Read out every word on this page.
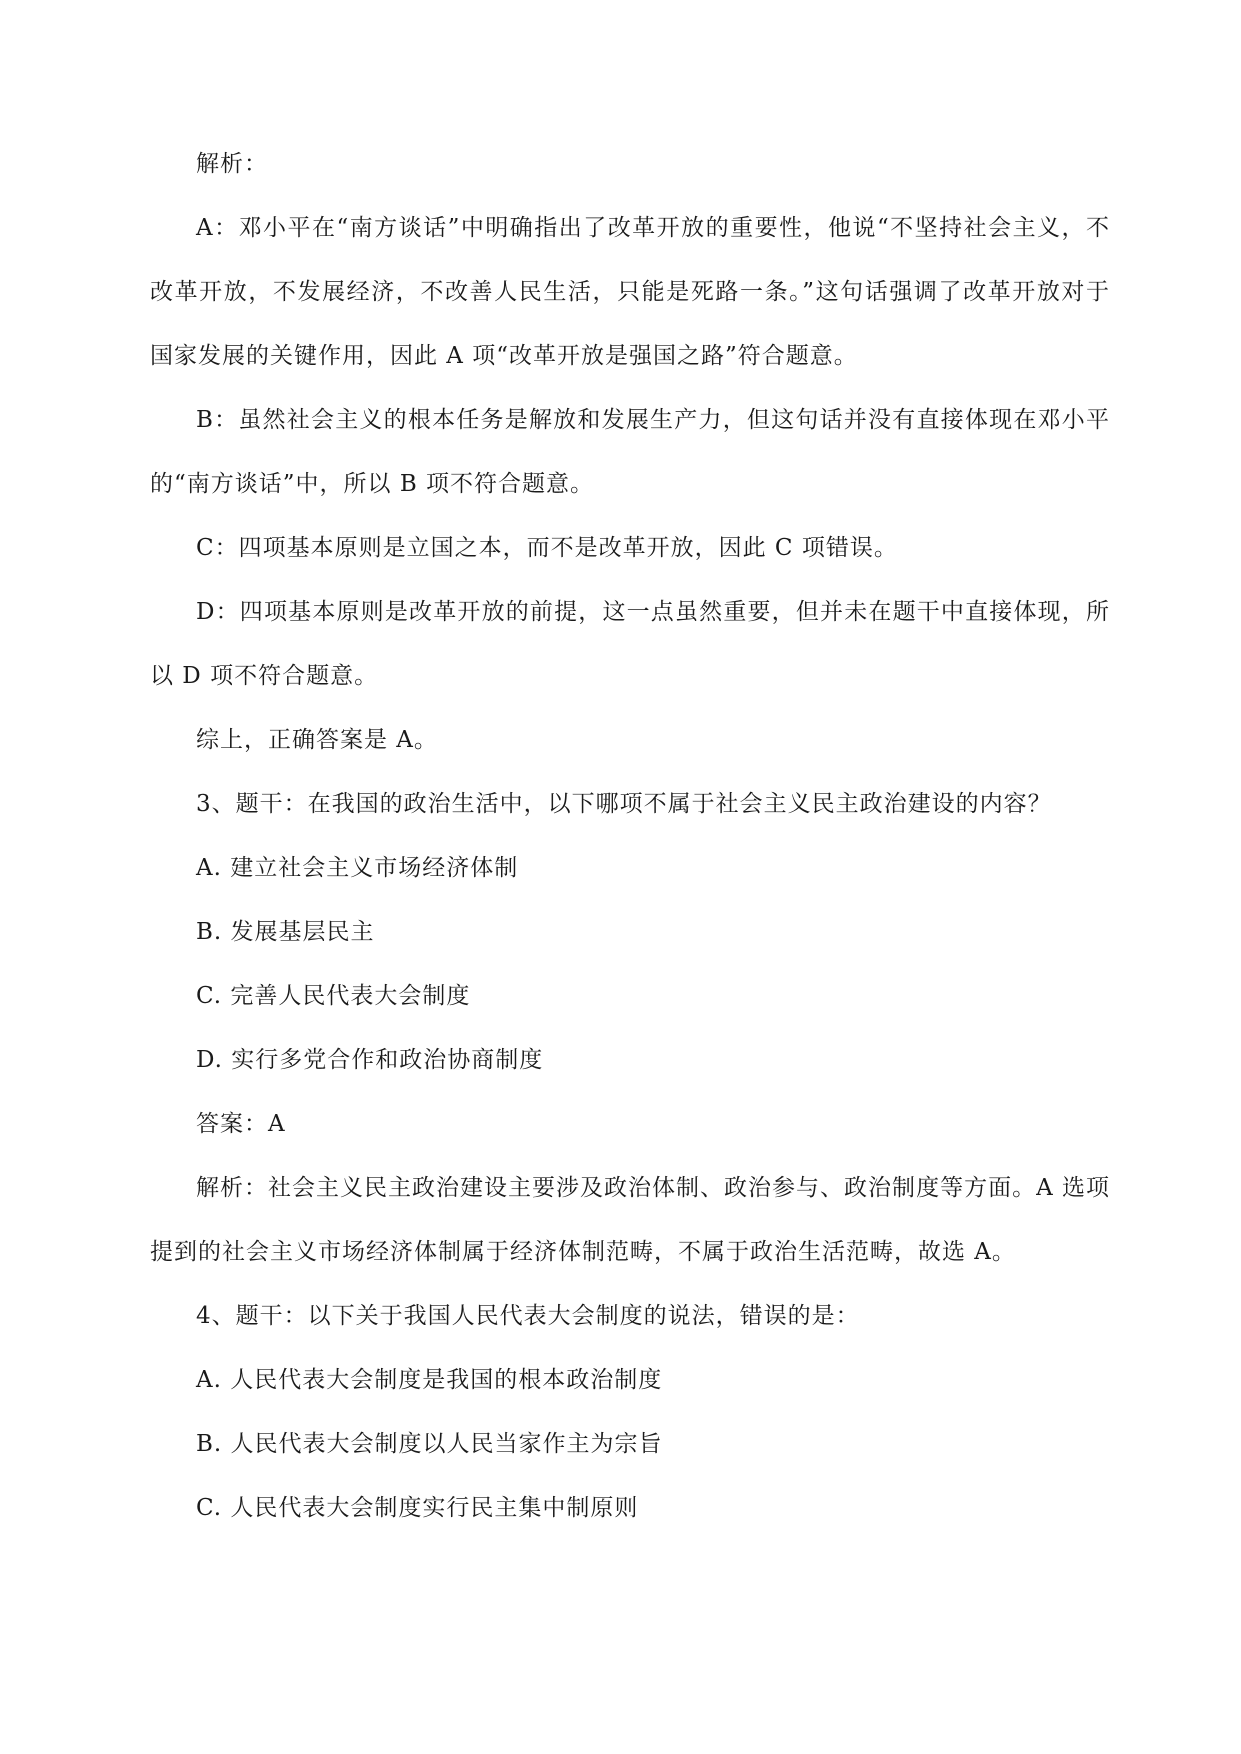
解析：

A：邓小平在“南方谈话”中明确指出了改革开放的重要性，他说“不坚持社会主义，不改革开放，不发展经济，不改善人民生活，只能是死路一条。”这句话强调了改革开放对于国家发展的关键作用，因此 A 项“改革开放是强国之路”符合题意。

B：虽然社会主义的根本任务是解放和发展生产力，但这句话并没有直接体现在邓小平的“南方谈话”中，所以 B 项不符合题意。

C：四项基本原则是立国之本，而不是改革开放，因此 C 项错误。

D：四项基本原则是改革开放的前提，这一点虽然重要，但并未在题干中直接体现，所以 D 项不符合题意。

综上，正确答案是 A。

3、题干：在我国的政治生活中，以下哪项不属于社会主义民主政治建设的内容？

A. 建立社会主义市场经济体制

B. 发展基层民主

C. 完善人民代表大会制度

D. 实行多党合作和政治协商制度

答案：A

解析：社会主义民主政治建设主要涉及政治体制、政治参与、政治制度等方面。A 选项提到的社会主义市场经济体制属于经济体制范畴，不属于政治生活范畴，故选 A。

4、题干：以下关于我国人民代表大会制度的说法，错误的是：

A. 人民代表大会制度是我国的根本政治制度

B. 人民代表大会制度以人民当家作主为宗旨

C. 人民代表大会制度实行民主集中制原则
